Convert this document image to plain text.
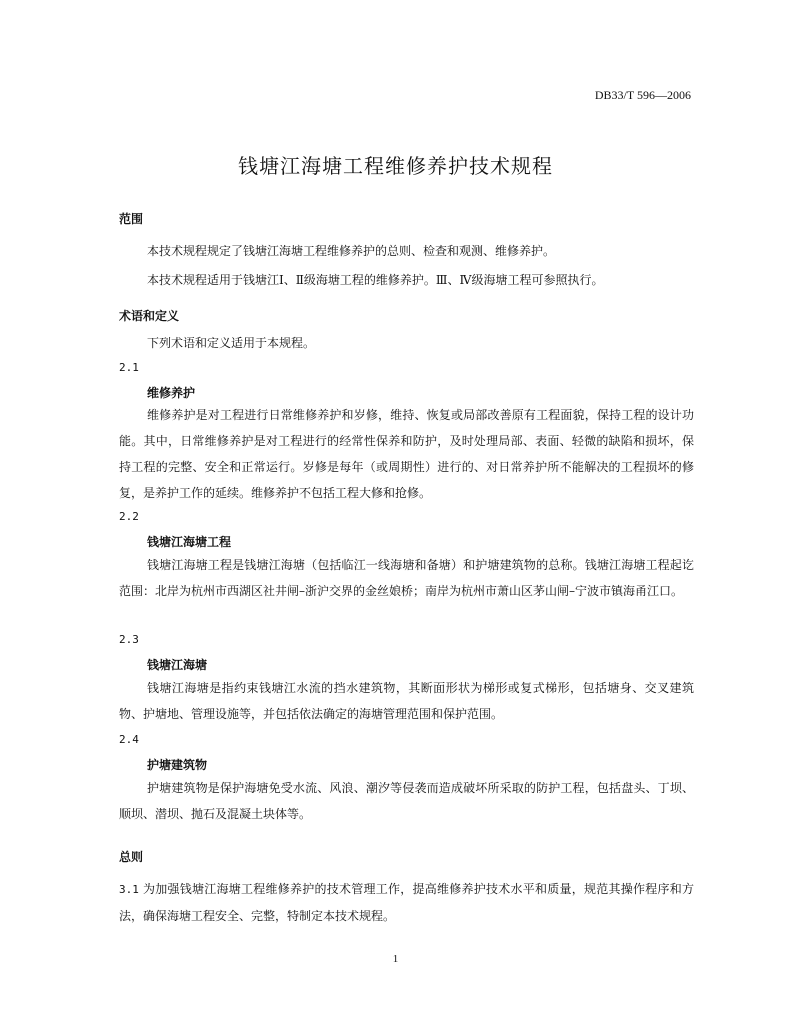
DB33/T 596—2006
钱塘江海塘工程维修养护技术规程
范围

本技术规程规定了钱塘江海塘工程维修养护的总则、检查和观测、维修养护。

本技术规程适用于钱塘江Ⅰ、Ⅱ级海塘工程的维修养护。Ⅲ、Ⅳ级海塘工程可参照执行。

术语和定义

下列术语和定义适用于本规程。

2.1
维修养护

维修养护是对工程进行日常维修养护和岁修，维持、恢复或局部改善原有工程面貌，保持工程的设计功能。其中，日常维修养护是对工程进行的经常性保养和防护，及时处理局部、表面、轻微的缺陷和损坏，保持工程的完整、安全和正常运行。岁修是每年（或周期性）进行的、对日常养护所不能解决的工程损坏的修复，是养护工作的延续。维修养护不包括工程大修和抢修。

2.2
钱塘江海塘工程

钱塘江海塘工程是钱塘江海塘（包括临江一线海塘和备塘）和护塘建筑物的总称。钱塘江海塘工程起讫范围：北岸为杭州市西湖区社井闸–浙沪交界的金丝娘桥；南岸为杭州市萧山区茅山闸–宁波市镇海甬江口。

2.3
钱塘江海塘

钱塘江海塘是指约束钱塘江水流的挡水建筑物，其断面形状为梯形或复式梯形，包括塘身、交叉建筑物、护塘地、管理设施等，并包括依法确定的海塘管理范围和保护范围。

2.4
护塘建筑物

护塘建筑物是保护海塘免受水流、风浪、潮汐等侵袭而造成破坏所采取的防护工程，包括盘头、丁坝、顺坝、潜坝、抛石及混凝土块体等。

总则

3.1 为加强钱塘江海塘工程维修养护的技术管理工作，提高维修养护技术水平和质量，规范其操作程序和方法，确保海塘工程安全、完整，特制定本技术规程。

1
